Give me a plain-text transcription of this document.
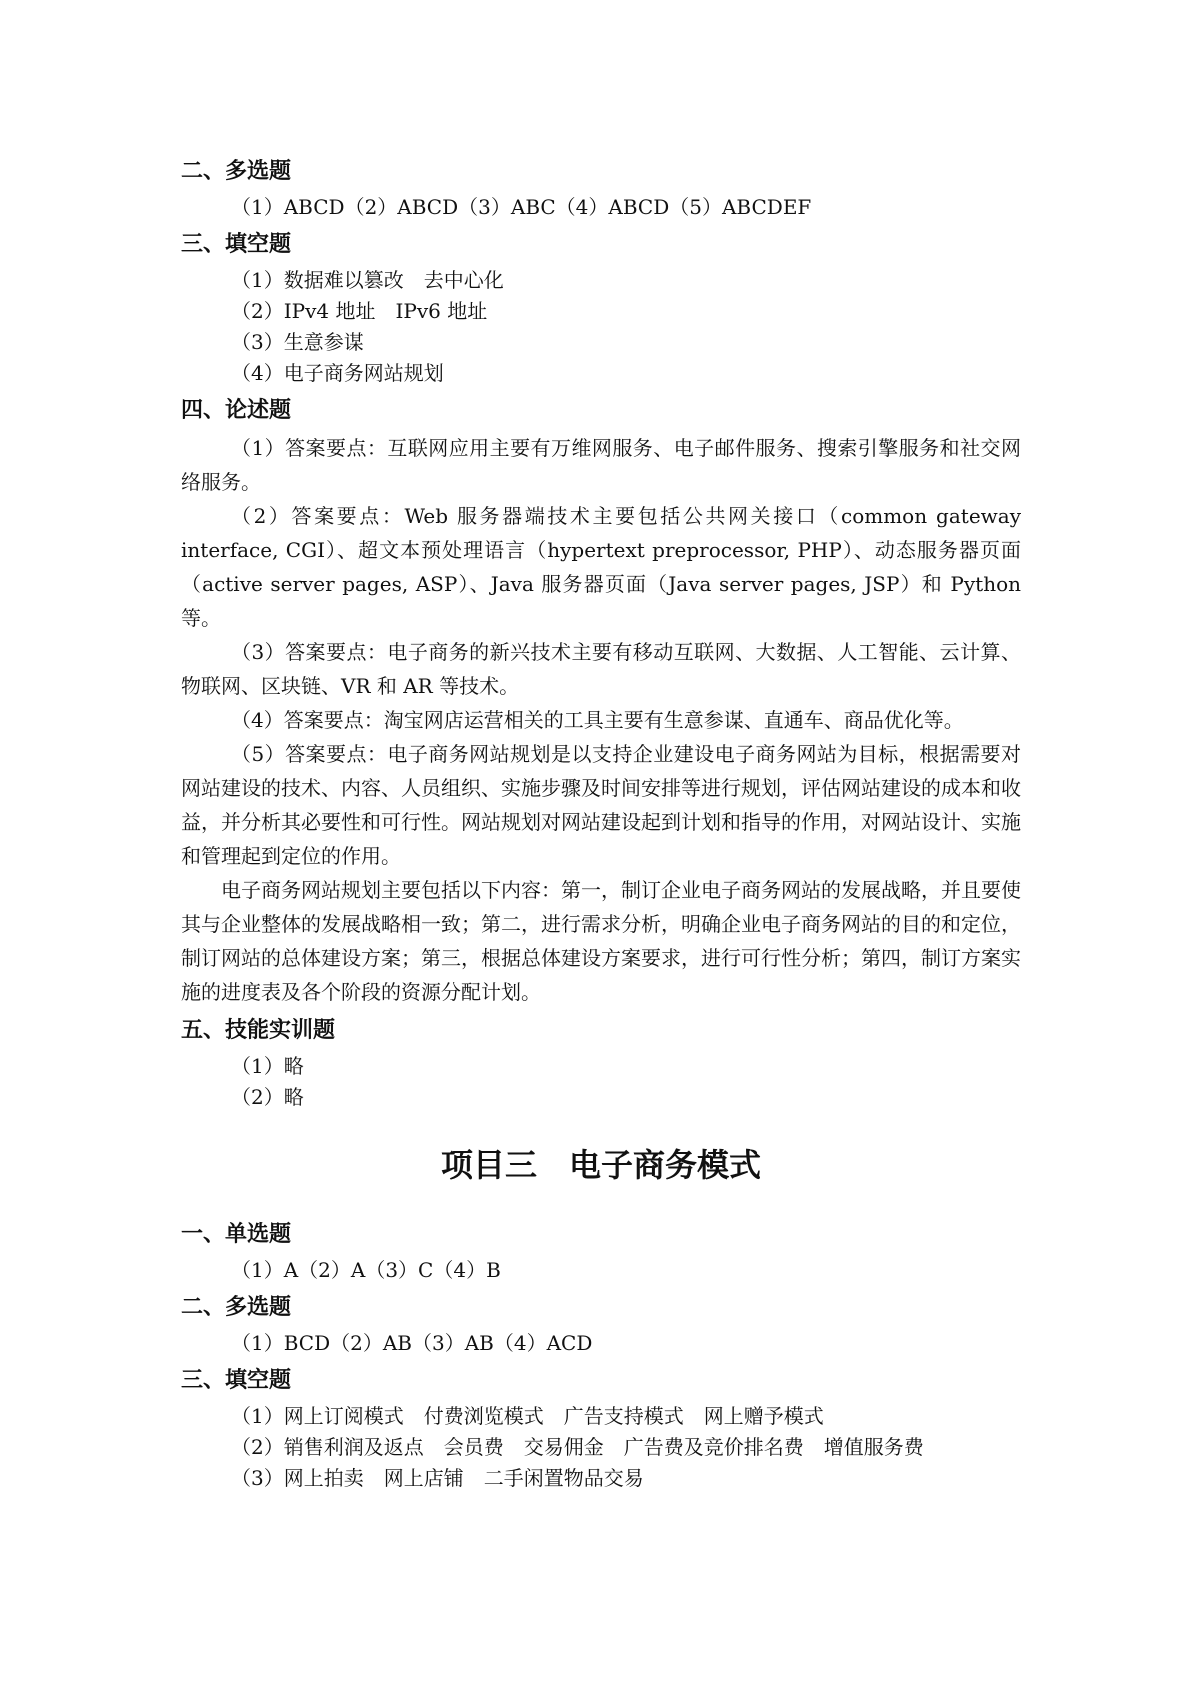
二、多选题
（1）ABCD（2）ABCD（3）ABC（4）ABCD（5）ABCDEF
三、填空题
（1）数据难以篡改　去中心化
（2）IPv4 地址　IPv6 地址
（3）生意参谋
（4）电子商务网站规划
四、论述题
（1）答案要点：互联网应用主要有万维网服务、电子邮件服务、搜索引擎服务和社交网络服务。
（2）答案要点：Web 服务器端技术主要包括公共网关接口（common gateway interface, CGI）、超文本预处理语言（hypertext preprocessor, PHP）、动态服务器页面（active server pages, ASP）、Java 服务器页面（Java server pages, JSP）和 Python 等。
（3）答案要点：电子商务的新兴技术主要有移动互联网、大数据、人工智能、云计算、物联网、区块链、VR 和 AR 等技术。
（4）答案要点：淘宝网店运营相关的工具主要有生意参谋、直通车、商品优化等。
（5）答案要点：电子商务网站规划是以支持企业建设电子商务网站为目标，根据需要对网站建设的技术、内容、人员组织、实施步骤及时间安排等进行规划，评估网站建设的成本和收益，并分析其必要性和可行性。网站规划对网站建设起到计划和指导的作用，对网站设计、实施和管理起到定位的作用。
电子商务网站规划主要包括以下内容：第一，制订企业电子商务网站的发展战略，并且要使其与企业整体的发展战略相一致；第二，进行需求分析，明确企业电子商务网站的目的和定位，制订网站的总体建设方案；第三，根据总体建设方案要求，进行可行性分析；第四，制订方案实施的进度表及各个阶段的资源分配计划。
五、技能实训题
（1）略
（2）略
项目三　电子商务模式
一、单选题
（1）A（2）A（3）C（4）B
二、多选题
（1）BCD（2）AB（3）AB（4）ACD
三、填空题
（1）网上订阅模式　付费浏览模式　广告支持模式　网上赠予模式
（2）销售利润及返点　会员费　交易佣金　广告费及竞价排名费　增值服务费
（3）网上拍卖　网上店铺　二手闲置物品交易
